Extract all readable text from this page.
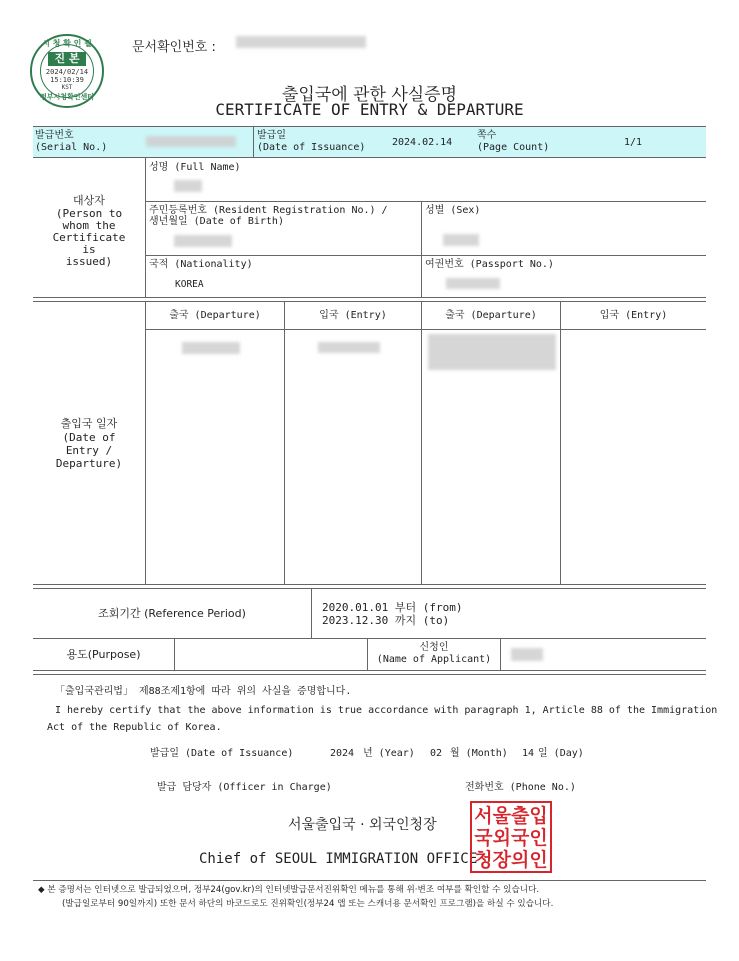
시 청 확 인 필
진 본
2024/02/14
15:10:39
KST
정부시청확인센터
문서확인번호 :
출입국에 관한 사실증명
CERTIFICATE OF ENTRY & DEPARTURE
발급번호
(Serial No.)
발급일
(Date of Issuance)	2024.02.14
쪽수
(Page Count)	1/1
대상자
(Person to
whom the
Certificate
is
issued)
성명 (Full Name)
주민등록번호 (Resident Registration No.) /
생년월일 (Date of Birth)
성별 (Sex)
국적 (Nationality)
KOREA
여권번호 (Passport No.)
출입국 일자
(Date of
Entry /
Departure)
출국 (Departure)	입국 (Entry)	출국 (Departure)	입국 (Entry)
조회기간 (Reference Period)	2020.01.01 부터 (from)
2023.12.30 까지 (to)
용도(Purpose)
신청인
(Name of Applicant)
「출입국관리법」 제88조제1항에 따라 위의 사실을 증명합니다.
I hereby certify that the above information is true accordance with paragraph 1, Article 88 of the Immigration
Act of the Republic of Korea.
발급일 (Date of Issuance)	2024 년 (Year) 02 월 (Month) 14 일 (Day)
발급 담당자 (Officer in Charge)	전화번호 (Phone No.)
서울출입국 · 외국인청장
Chief of SEOUL IMMIGRATION OFFICE
서울출입
국외국인
청장의인
◆ 본 증명서는 인터넷으로 발급되었으며, 정부24(gov.kr)의 인터넷발급문서진위확인 메뉴를 통해 위·변조 여부를 확인할 수 있습니다.
(발급일로부터 90일까지) 또한 문서 하단의 바코드로도 진위확인(정부24 앱 또는 스캐너용 문서확인 프로그램)을 하실 수 있습니다.
